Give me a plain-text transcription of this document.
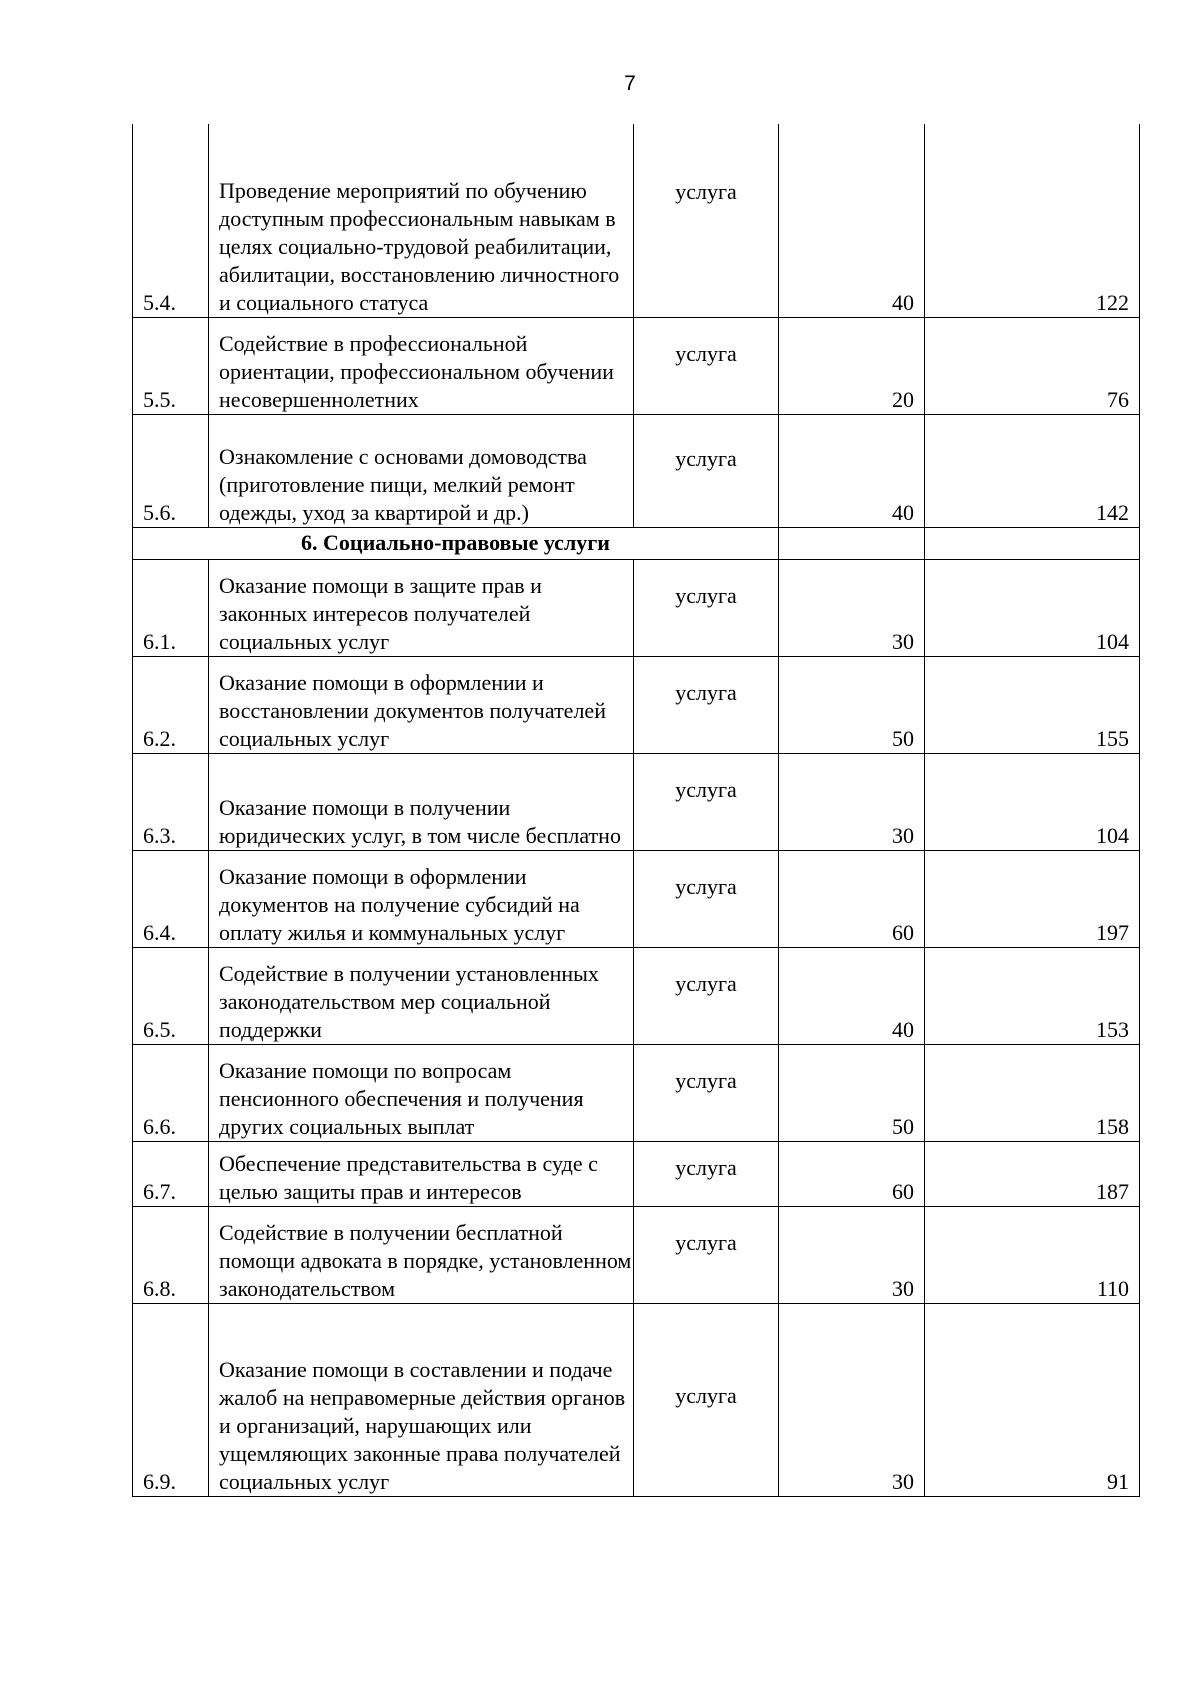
7
5.4.	Проведение мероприятий по обучению доступным профессиональным навыкам в целях социально-трудовой реабилитации, абилитации, восстановлению личностного и социального статуса	услуга	40	122
5.5.	Содействие в профессиональной ориентации, профессиональном обучении несовершеннолетних	услуга	20	76
5.6.	Ознакомление с основами домоводства (приготовление пищи, мелкий ремонт одежды, уход за квартирой и др.)	услуга	40	142
6. Социально-правовые услуги				
6.1.	Оказание помощи в защите прав и законных интересов получателей социальных услуг	услуга	30	104
6.2.	Оказание помощи в оформлении и восстановлении документов получателей социальных услуг	услуга	50	155
6.3.	Оказание помощи в получении юридических услуг, в том числе бесплатно	услуга	30	104
6.4.	Оказание помощи в оформлении документов на получение субсидий на оплату жилья и коммунальных услуг	услуга	60	197
6.5.	Содействие в получении установленных законодательством мер социальной поддержки	услуга	40	153
6.6.	Оказание помощи по вопросам пенсионного обеспечения и получения других социальных выплат	услуга	50	158
6.7.	Обеспечение представительства в суде с целью защиты прав и интересов	услуга	60	187
6.8.	Содействие в получении бесплатной помощи адвоката в порядке, установленном законодательством	услуга	30	110
6.9.	Оказание помощи в составлении и подаче жалоб на неправомерные действия органов и организаций, нарушающих или ущемляющих законные права получателей социальных услуг	услуга	30	91
